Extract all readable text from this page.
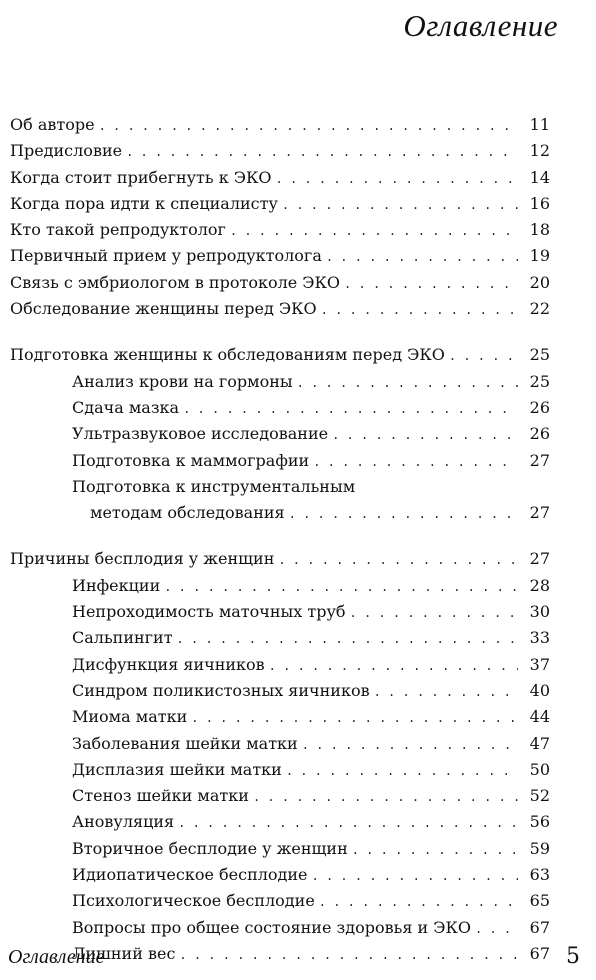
Оглавление
Об авторе . . .	11
Предисловие . . .	12
Когда стоит прибегнуть к ЭКО . . .	14
Когда пора идти к специалисту . . .	16
Кто такой репродуктолог . . .	18
Первичный прием у репродуктолога . . .	19
Связь с эмбриологом в протоколе ЭКО . . .	20
Обследование женщины перед ЭКО . . .	22
Подготовка женщины к обследованиям перед ЭКО . . .	25
Анализ крови на гормоны . . .	25
Сдача мазка . . .	26
Ультразвуковое исследование . . .	26
Подготовка к маммографии . . .	27
Подготовка к инструментальным
методам обследования . . .	27
Причины бесплодия у женщин . . .	27
Инфекции . . .	28
Непроходимость маточных труб . . .	30
Сальпингит . . .	33
Дисфункция яичников . . .	37
Синдром поликистозных яичников . . .	40
Миома матки . . .	44
Заболевания шейки матки . . .	47
Дисплазия шейки матки . . .	50
Стеноз шейки матки . . .	52
Ановуляция . . .	56
Вторичное бесплодие у женщин . . .	59
Идиопатическое бесплодие . . .	63
Психологическое бесплодие . . .	65
Вопросы про общее состояние здоровья и ЭКО . . .	67
Лишний вес . . .	67
Оглавление	5
